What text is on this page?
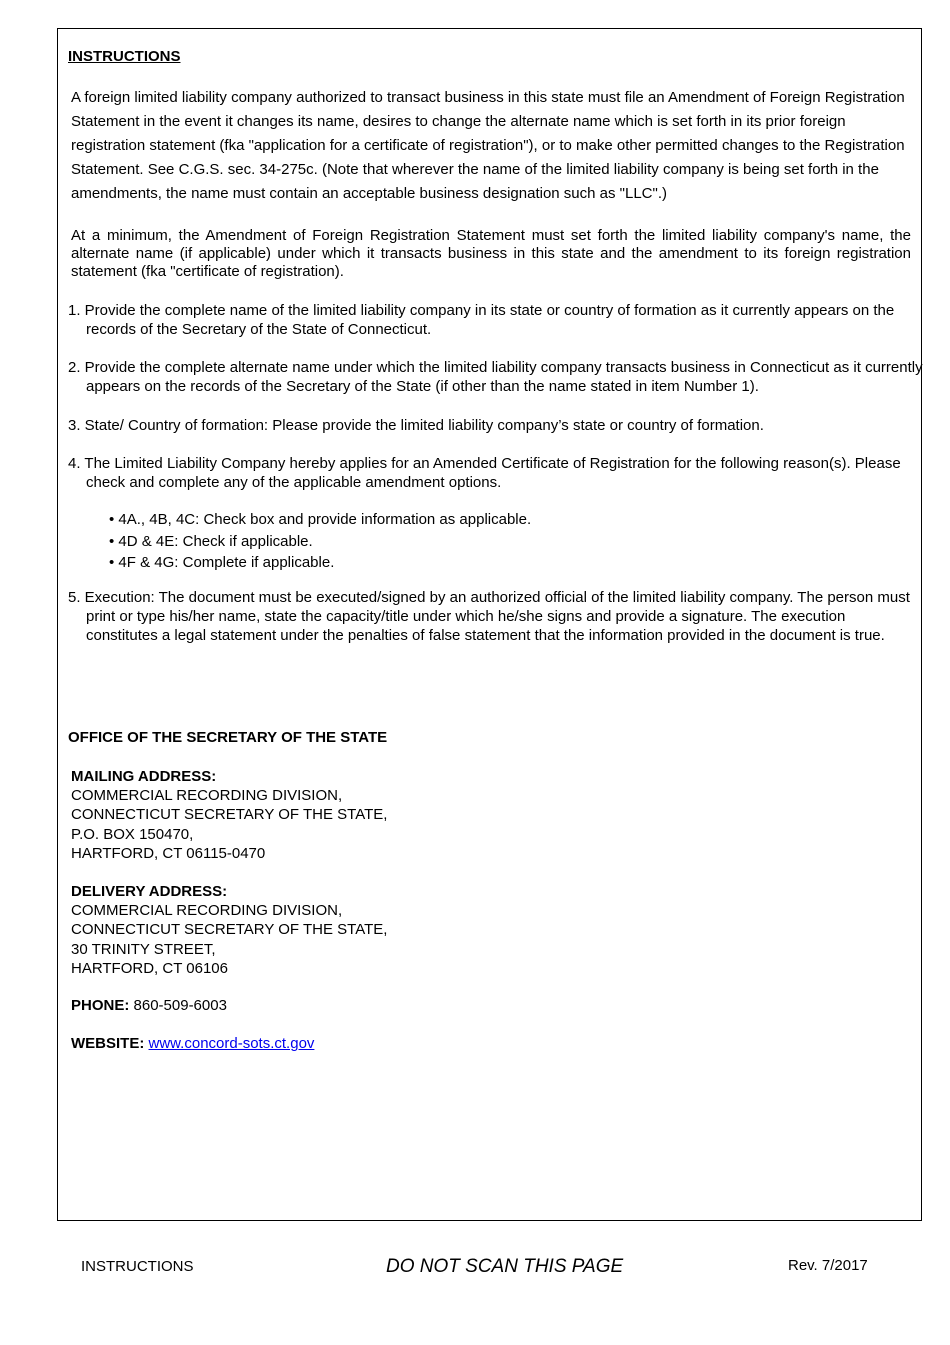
INSTRUCTIONS
A foreign limited liability company authorized to transact business in this state must file an Amendment of Foreign Registration Statement in the event it changes its name, desires to change the alternate name which is set forth in its prior foreign registration statement (fka "application for a certificate of registration"), or to make other permitted changes to the Registration Statement. See C.G.S. sec. 34-275c. (Note that wherever the name of the limited liability company is being set forth in the amendments, the name must contain an acceptable business designation such as "LLC".)
At a minimum, the Amendment of Foreign Registration Statement must set forth the limited liability company's name, the alternate name (if applicable) under which it transacts business in this state and the amendment to its foreign registration statement (fka "certificate of registration).
1. Provide the complete name of the limited liability company in its state or country of formation as it currently appears on the records of the Secretary of the State of Connecticut.
2. Provide the complete alternate name under which the limited liability company transacts business in Connecticut as it currently appears on the records of the Secretary of the State (if other than the name stated in item Number 1).
3. State/ Country of formation: Please provide the limited liability company’s state or country of formation.
4. The Limited Liability Company hereby applies for an Amended Certificate of Registration for the following reason(s). Please check and complete any of the applicable amendment options.
• 4A., 4B, 4C: Check box and provide information as applicable.
• 4D & 4E: Check if applicable.
• 4F & 4G: Complete if applicable.
5. Execution: The document must be executed/signed by an authorized official of the limited liability company. The person must print or type his/her name, state the capacity/title under which he/she signs and provide a signature. The execution constitutes a legal statement under the penalties of false statement that the information provided in the document is true.
OFFICE OF THE SECRETARY OF THE STATE
MAILING ADDRESS:
COMMERCIAL RECORDING DIVISION,
CONNECTICUT SECRETARY OF THE STATE,
P.O. BOX 150470,
HARTFORD, CT 06115-0470
DELIVERY ADDRESS:
COMMERCIAL RECORDING DIVISION,
CONNECTICUT SECRETARY OF THE STATE,
30 TRINITY STREET,
HARTFORD, CT 06106
PHONE: 860-509-6003
WEBSITE: www.concord-sots.ct.gov
INSTRUCTIONS	DO NOT SCAN THIS PAGE	Rev. 7/2017
